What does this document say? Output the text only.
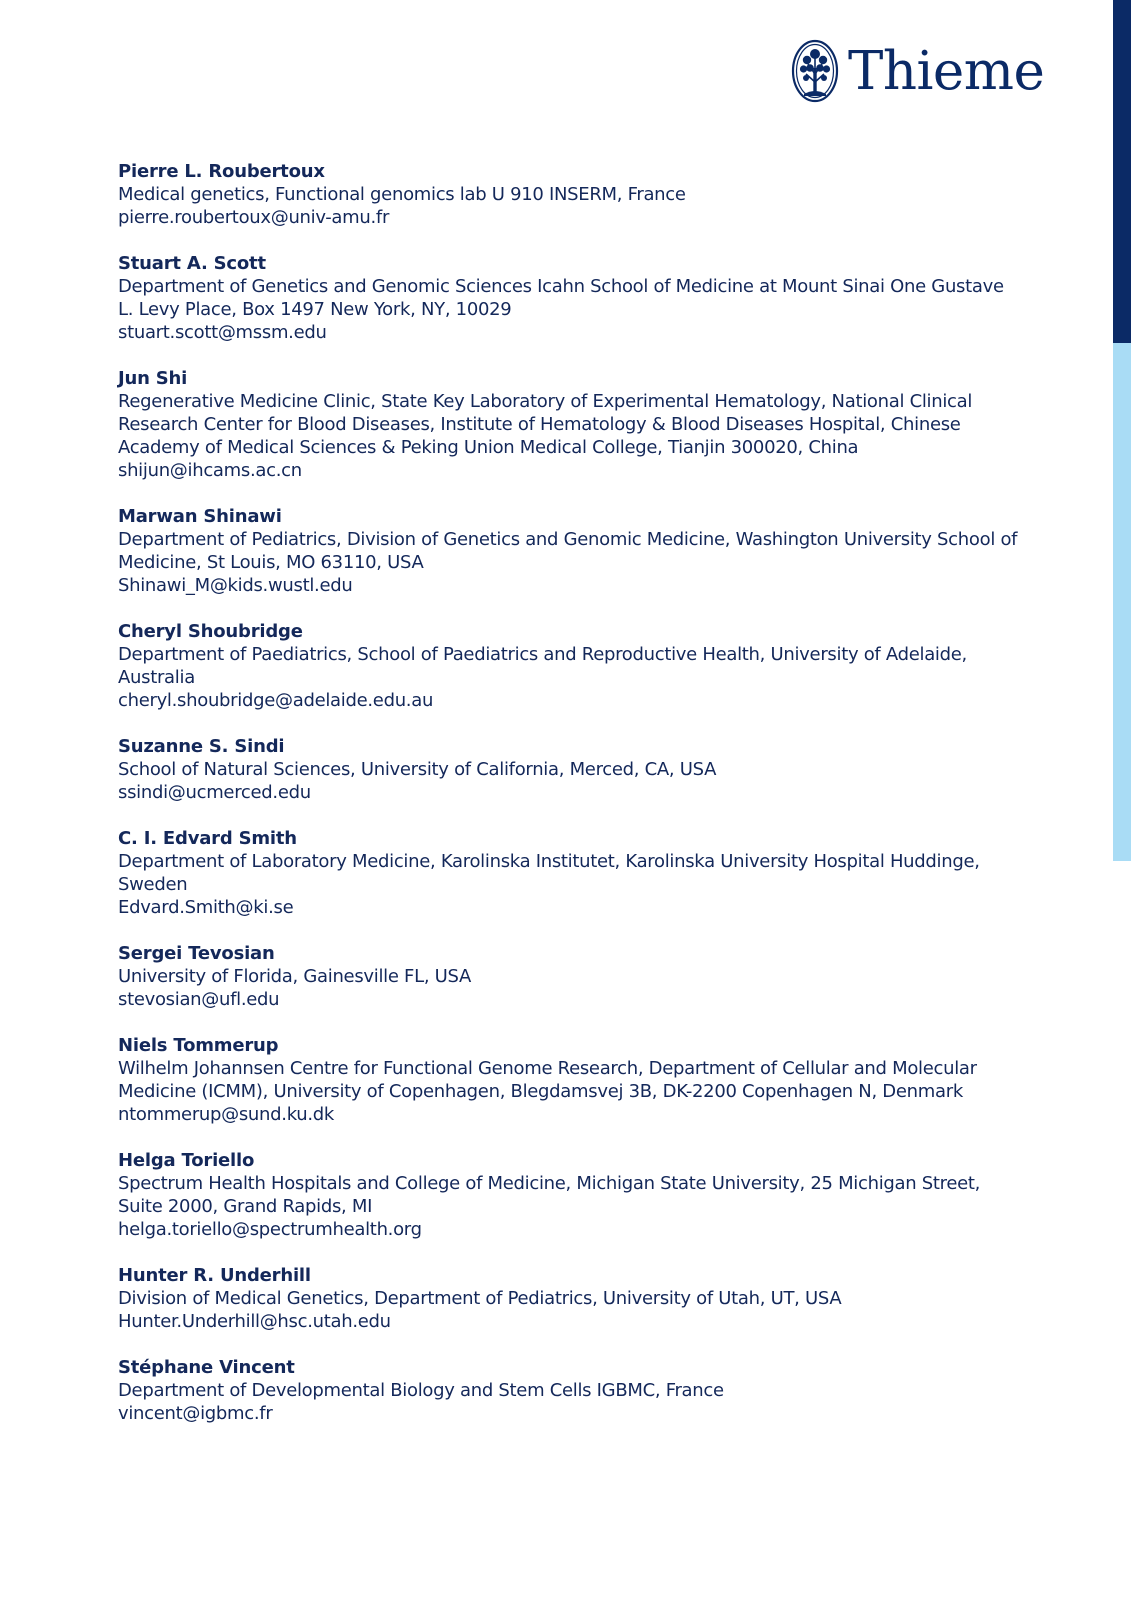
Thieme
Pierre L. Roubertoux
Medical genetics, Functional genomics lab U 910 INSERM, France
pierre.roubertoux@univ-amu.fr
Stuart A. Scott
Department of Genetics and Genomic Sciences Icahn School of Medicine at Mount Sinai One Gustave L. Levy Place, Box 1497 New York, NY, 10029
stuart.scott@mssm.edu
Jun Shi
Regenerative Medicine Clinic, State Key Laboratory of Experimental Hematology, National Clinical Research Center for Blood Diseases, Institute of Hematology & Blood Diseases Hospital, Chinese Academy of Medical Sciences & Peking Union Medical College, Tianjin 300020, China
shijun@ihcams.ac.cn
Marwan Shinawi
Department of Pediatrics, Division of Genetics and Genomic Medicine, Washington University School of Medicine, St Louis, MO 63110, USA
Shinawi_M@kids.wustl.edu
Cheryl Shoubridge
Department of Paediatrics, School of Paediatrics and Reproductive Health, University of Adelaide, Australia
cheryl.shoubridge@adelaide.edu.au
Suzanne S. Sindi
School of Natural Sciences, University of California, Merced, CA, USA
ssindi@ucmerced.edu
C. I. Edvard Smith
Department of Laboratory Medicine, Karolinska Institutet, Karolinska University Hospital Huddinge, Sweden
Edvard.Smith@ki.se
Sergei Tevosian
University of Florida, Gainesville FL, USA
stevosian@ufl.edu
Niels Tommerup
Wilhelm Johannsen Centre for Functional Genome Research, Department of Cellular and Molecular Medicine (ICMM), University of Copenhagen, Blegdamsvej 3B, DK-2200 Copenhagen N, Denmark
ntommerup@sund.ku.dk
Helga Toriello
Spectrum Health Hospitals and College of Medicine, Michigan State University, 25 Michigan Street, Suite 2000, Grand Rapids, MI
helga.toriello@spectrumhealth.org
Hunter R. Underhill
Division of Medical Genetics, Department of Pediatrics, University of Utah, UT, USA
Hunter.Underhill@hsc.utah.edu
Stéphane Vincent
Department of Developmental Biology and Stem Cells IGBMC, France
vincent@igbmc.fr
